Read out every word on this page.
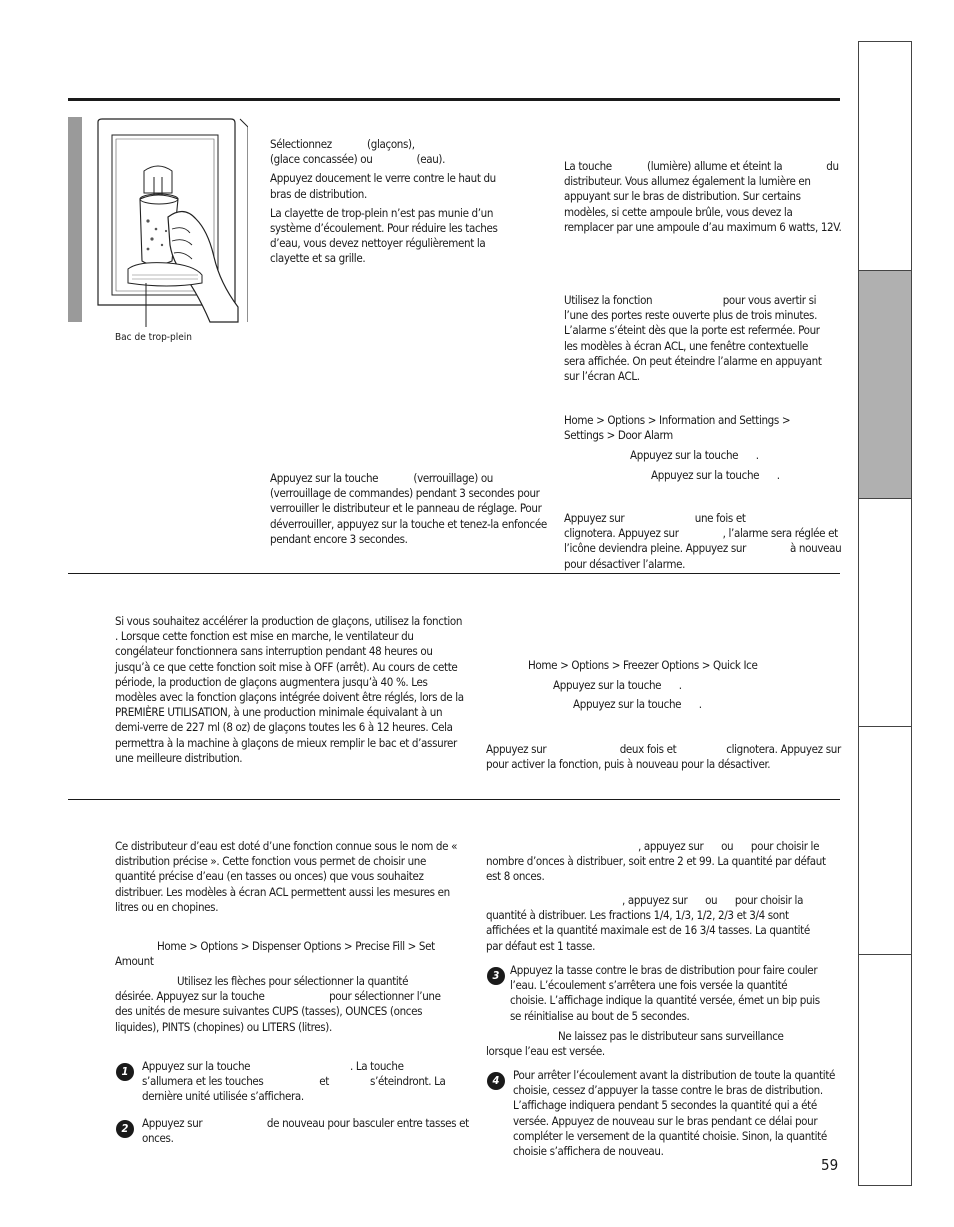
Bac de trop-plein

Sélectionnez            (glaçons),

(glace concassée) ou               (eau).

Appuyez doucement le verre contre le haut du bras de distribution.

La clayette de trop-plein n’est pas munie d’un système d’écoulement. Pour réduire les taches d’eau, vous devez nettoyer régulièrement la clayette et sa grille.

Appuyez sur la touche            (verrouillage) ou                              (verrouillage de commandes) pendant 3 secondes pour verrouiller le distributeur et le panneau de réglage. Pour déverrouiller, appuyez sur la touche et tenez-la enfoncée pendant encore 3 secondes.
La touche            (lumière) allume et éteint la               du distributeur. Vous allumez également la lumière en appuyant sur le bras de distribution. Sur certains modèles, si cette ampoule brûle, vous devez la remplacer par une ampoule d’au maximum 6 watts, 12V.
Utilisez la fonction                        pour vous avertir si l’une des portes reste ouverte plus de trois minutes. L’alarme s’éteint dès que la porte est refermée. Pour les modèles à écran ACL, une fenêtre contextuelle sera affichée. On peut éteindre l’alarme en appuyant sur l’écran ACL.
Home > Options > Information and Settings > Settings > Door Alarm
Appuyez sur la touche      .
Appuyez sur la touche      .
Appuyez sur                        une fois et                clignotera. Appuyez sur               , l’alarme sera réglée et l’icône deviendra pleine. Appuyez sur               à nouveau pour désactiver l’alarme.
Si vous souhaitez accélérer la production de glaçons, utilisez la fonction                . Lorsque cette fonction est mise en marche, le ventilateur du congélateur fonctionnera sans interruption pendant 48 heures ou jusqu’à ce que cette fonction soit mise à OFF (arrêt). Au cours de cette période, la production de glaçons augmentera jusqu’à 40 %. Les modèles avec la fonction glaçons intégrée doivent être réglés, lors de la PREMIÈRE UTILISATION, à une production minimale équivalant à un demi-verre de 227 ml (8 oz) de glaçons toutes les 6 à 12 heures. Cela permettra à la machine à glaçons de mieux remplir le bac et d’assurer une meilleure distribution.
Home > Options > Freezer Options > Quick Ice
Appuyez sur la touche      .
Appuyez sur la touche      .
Appuyez sur                         deux fois et                 clignotera. Appuyez sur                pour activer la fonction, puis à nouveau pour la désactiver.
Ce distributeur d’eau est doté d’une fonction connue sous le nom de « distribution précise ». Cette fonction vous permet de choisir une quantité précise d’eau (en tasses ou onces) que vous souhaitez distribuer. Les modèles à écran ACL permettent aussi les mesures en litres ou en chopines.
Home > Options > Dispenser Options > Precise Fill > Set Amount
Utilisez les flèches pour sélectionner la quantité désirée. Appuyez sur la touche                      pour sélectionner l’une des unités de mesure suivantes CUPS (tasses), OUNCES (onces liquides), PINTS (chopines) ou LITERS (litres).
1	Appuyez sur la touche                                  . La touche              s’allumera et les touches                   et              s’éteindront. La dernière unité utilisée s’affichera.
2	Appuyez sur                      de nouveau pour basculer entre tasses et onces.
, appuyez sur      ou      pour choisir le nombre d’onces à distribuer, soit entre 2 et 99. La quantité par défaut est 8 onces.
, appuyez sur      ou      pour choisir la quantité à distribuer. Les fractions 1/4, 1/3, 1/2, 2/3 et 3/4 sont affichées et la quantité maximale est de 16 3/4 tasses. La quantité par défaut est 1 tasse.
3 Appuyez la tasse contre le bras de distribution pour faire couler l’eau. L’écoulement s’arrêtera une fois versée la quantité choisie. L’affichage indique la quantité versée, émet un bip puis se réinitialise au bout de 5 secondes.
Ne laissez pas le distributeur sans surveillance lorsque l’eau est versée.
4	Pour arrêter l’écoulement avant la distribution de toute la quantité choisie, cessez d’appuyer la tasse contre le bras de distribution. L’affichage indiquera pendant 5 secondes la quantité qui a été versée. Appuyez de nouveau sur le bras pendant ce délai pour compléter le versement de la quantité choisie. Sinon, la quantité choisie s’affichera de nouveau.
59
